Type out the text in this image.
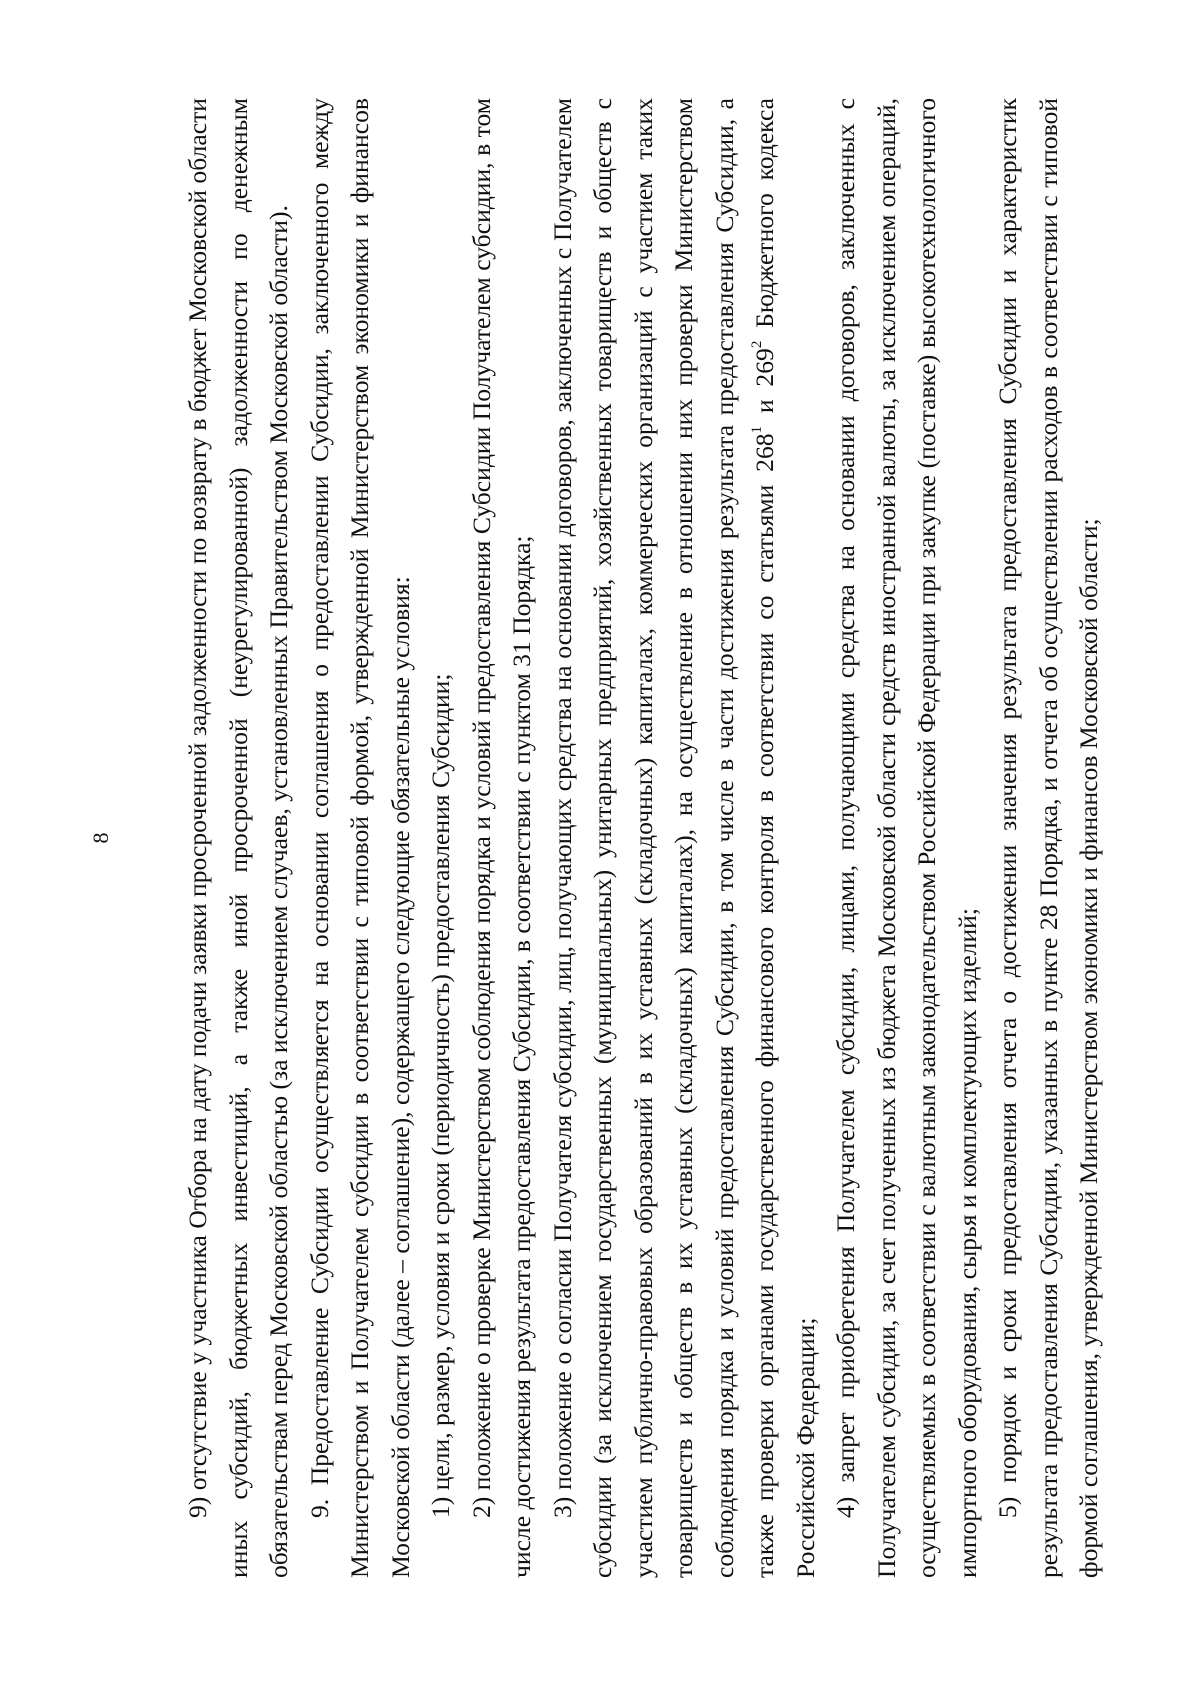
8	9) отсутствие у участника Отбора на дату подачи заявки просроченной задолженности по возврату в бюджет Московской области иных субсидий, бюджетных инвестиций, а также иной просроченной (неурегулированной) задолженности по денежным обязательствам перед Московской областью (за исключением случаев, установленных Правительством Московской области). 9. Предоставление Субсидии осуществляется на основании соглашения о предоставлении Субсидии, заключенного между Министерством и Получателем субсидии в соответствии с типовой формой, утвержденной Министерством экономики и финансов Московской области (далее – соглашение), содержащего следующие обязательные условия: 1) цели, размер, условия и сроки (периодичность) предоставления Субсидии; 2) положение о проверке Министерством соблюдения порядка и условий предоставления Субсидии Получателем субсидии, в том числе достижения результата предоставления Субсидии, в соответствии с пунктом 31 Порядка; 3) положение о согласии Получателя субсидии, лиц, получающих средства на основании договоров, заключенных с Получателем субсидии (за исключением государственных (муниципальных) унитарных предприятий, хозяйственных товариществ и обществ с участием публично-правовых образований в их уставных (складочных) капиталах, коммерческих организаций с участием таких товариществ и обществ в их уставных (складочных) капиталах), на осуществление в отношении них проверки Министерством соблюдения порядка и условий предоставления Субсидии, в том числе в части достижения результата предоставления Субсидии, а также проверки органами государственного финансового контроля в соответствии со статьями $268^1$ и $269^2$ Бюджетного кодекса Российской Федерации; 4) запрет приобретения Получателем субсидии, лицами, получающими средства на основании договоров, заключенных с Получателем субсидии, за счет полученных из бюджета Московской области средств иностранной валюты, за исключением операций, осуществляемых в соответствии с валютным законодательством Российской Федерации при закупке (поставке) высокотехнологичного импортного оборудования, сырья и комплектующих изделий; 5) порядок и сроки предоставления отчета о достижении значения результата предоставления Субсидии и характеристик результата предоставления Субсидии, указанных в пункте 28 Порядка, и отчета об осуществлении расходов в соответствии с типовой формой соглашения, утвержденной Министерством экономики и финансов Московской области;
